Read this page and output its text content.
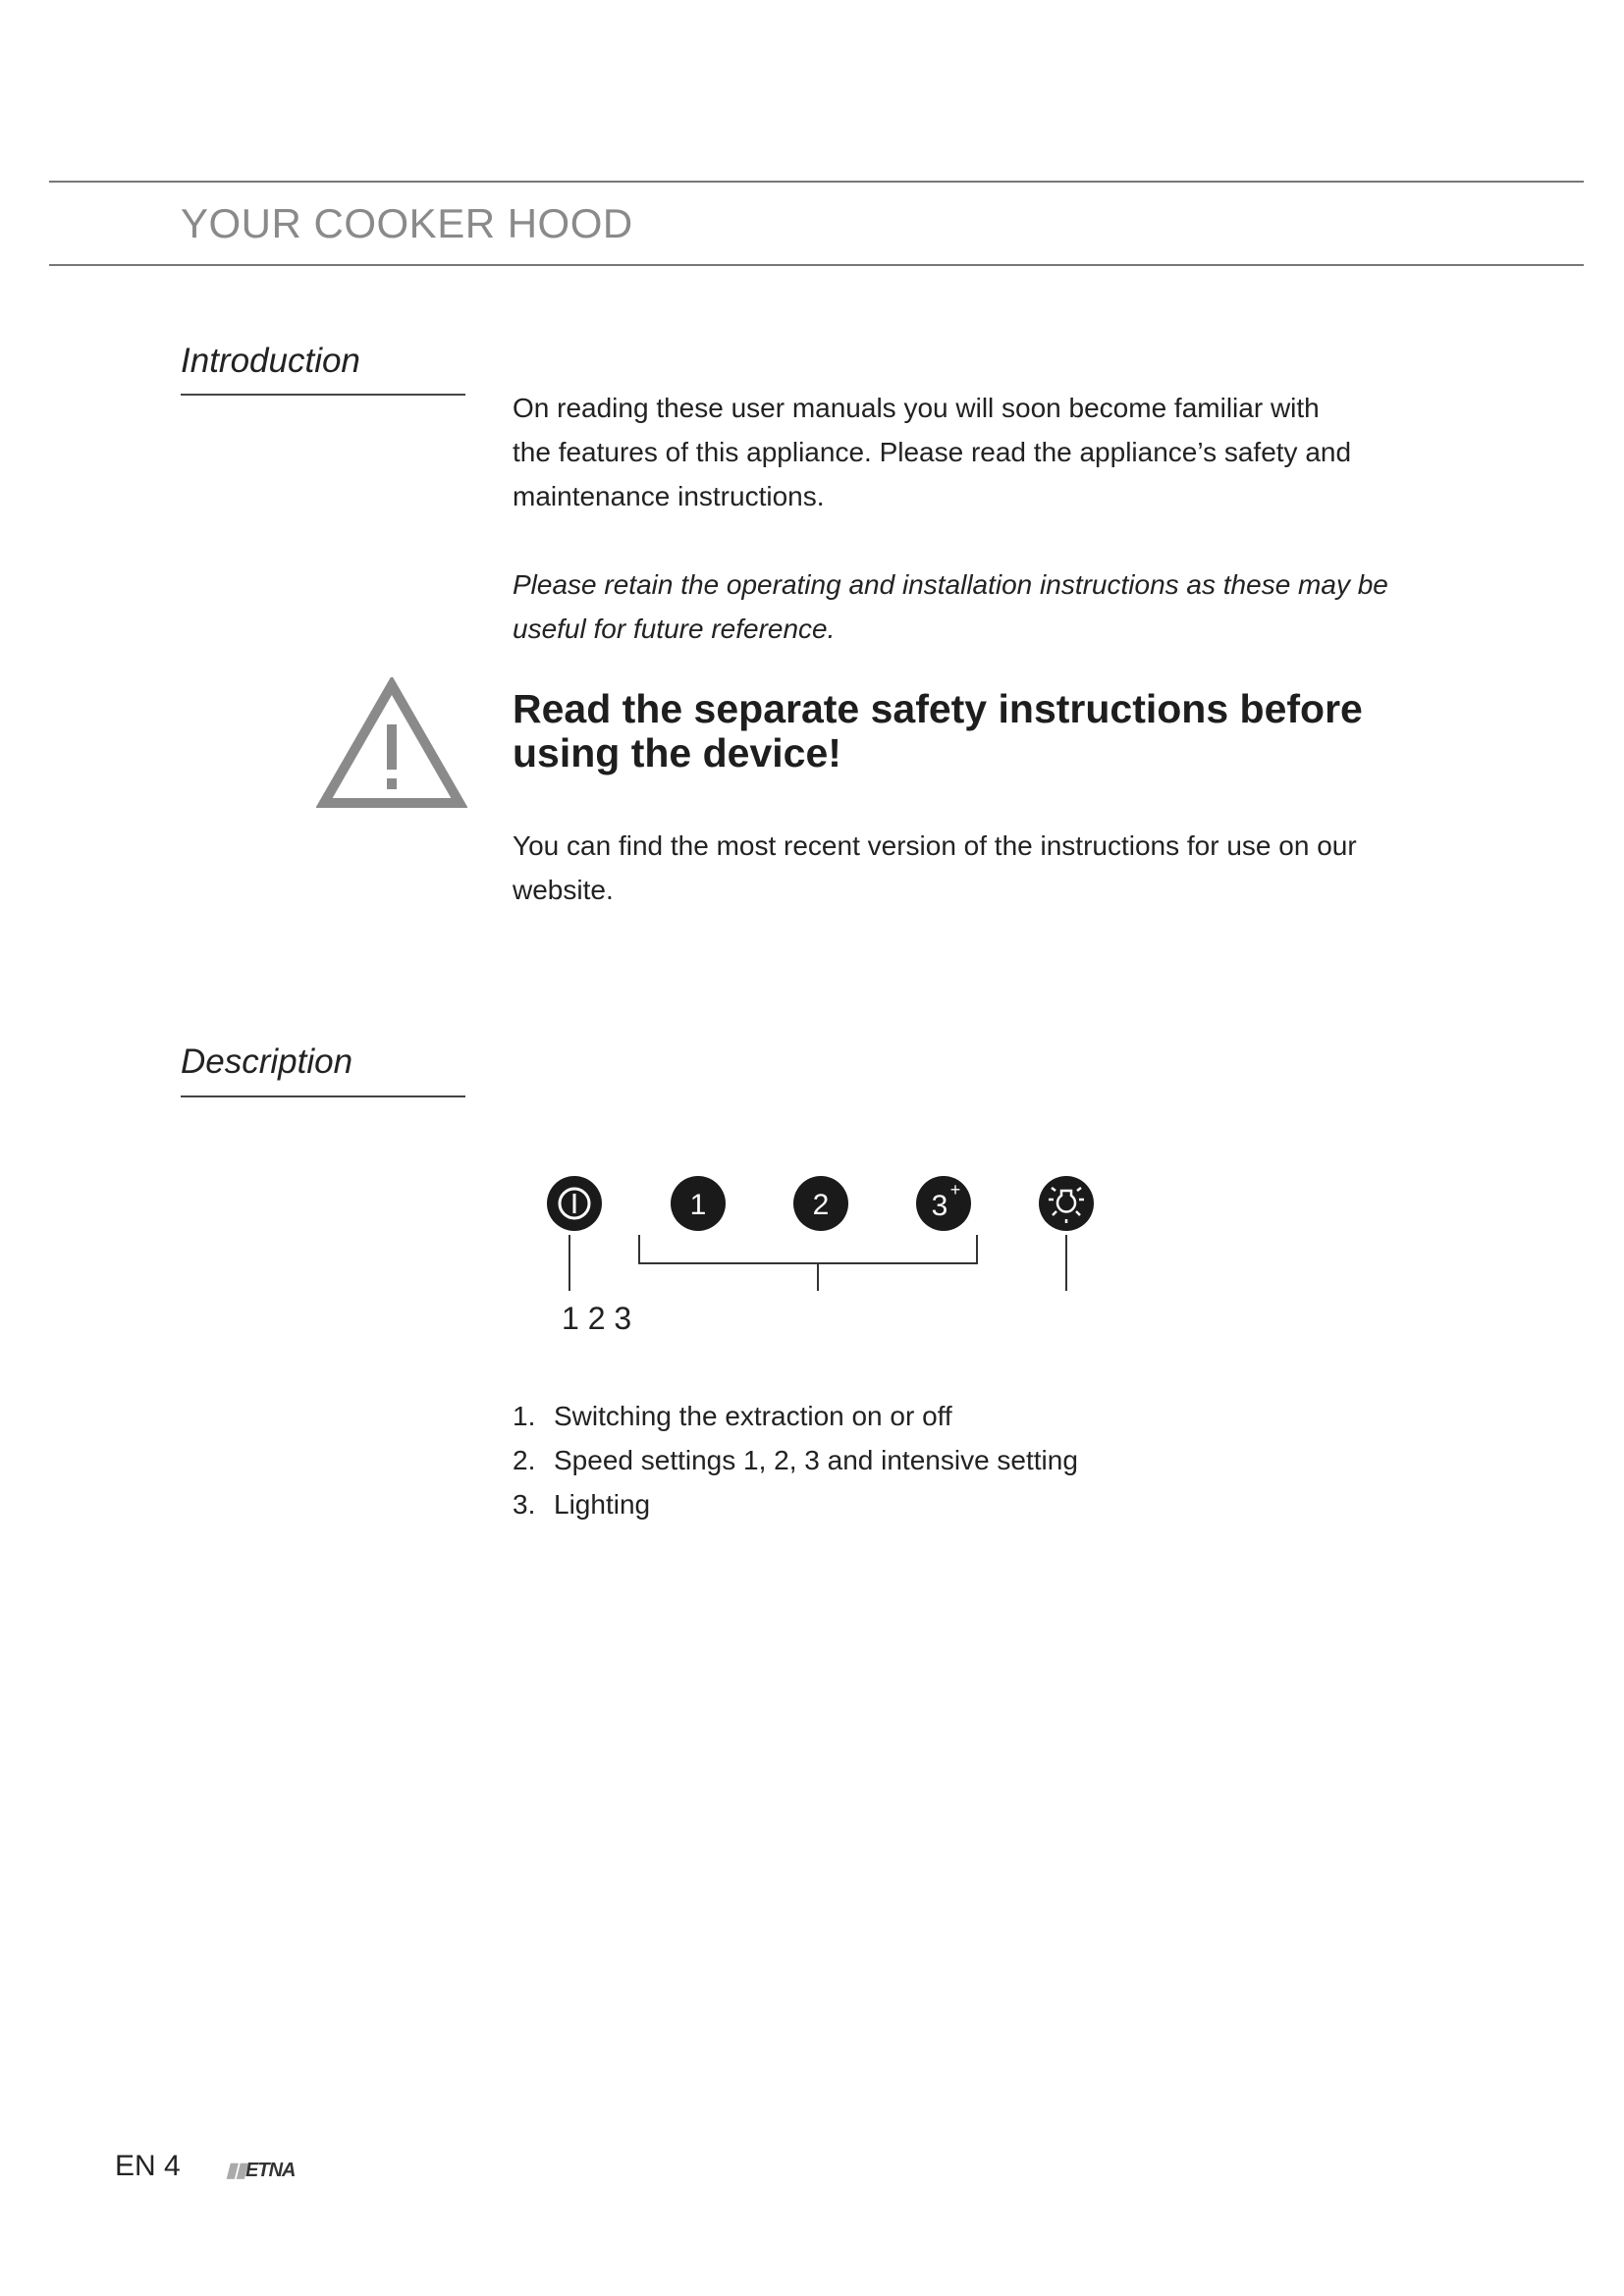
YOUR COOKER HOOD
Introduction
On reading these user manuals you will soon become familiar with
the features of this appliance. Please read the appliance’s safety and
maintenance instructions.
Please retain the operating and installation instructions as these may be
useful for future reference.
Read the separate safety instructions before
using the device!
You can find the most recent version of the instructions for use on our
website.
Description
1	2	3 +
1 2 3
1. Switching the extraction on or off
2. Speed settings 1, 2, 3 and intensive setting
3. Lighting
EN 4 ▮▮ETNA
